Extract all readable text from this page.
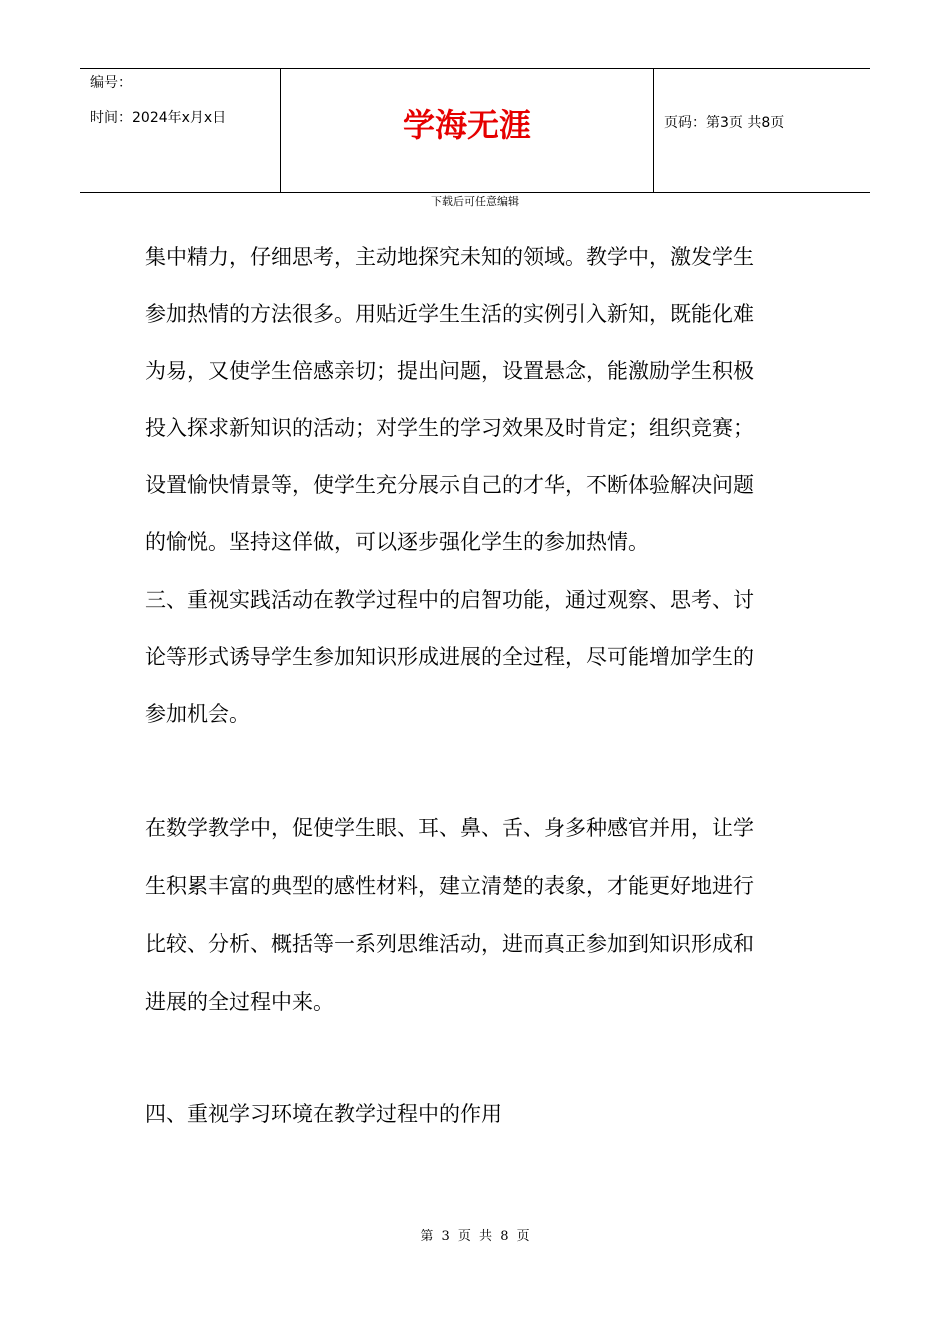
编号：
时间：2024年x月x日	学海无涯	页码：第3页 共8页
下载后可任意编辑
集中精力，仔细思考，主动地探究未知的领域。教学中，激发学生
参加热情的方法很多。用贴近学生生活的实例引入新知，既能化难
为易，又使学生倍感亲切；提出问题，设置悬念，能激励学生积极
投入探求新知识的活动；对学生的学习效果及时肯定；组织竞赛；
设置愉快情景等，使学生充分展示自己的才华，不断体验解决问题
的愉悦。坚持这佯做，可以逐步强化学生的参加热情。
三、重视实践活动在教学过程中的启智功能，通过观察、思考、讨
论等形式诱导学生参加知识形成进展的全过程，尽可能增加学生的
参加机会。
在数学教学中，促使学生眼、耳、鼻、舌、身多种感官并用，让学
生积累丰富的典型的感性材料，建立清楚的表象，才能更好地进行
比较、分析、概括等一系列思维活动，进而真正参加到知识形成和
进展的全过程中来。
四、重视学习环境在教学过程中的作用
第 3 页 共 8 页
